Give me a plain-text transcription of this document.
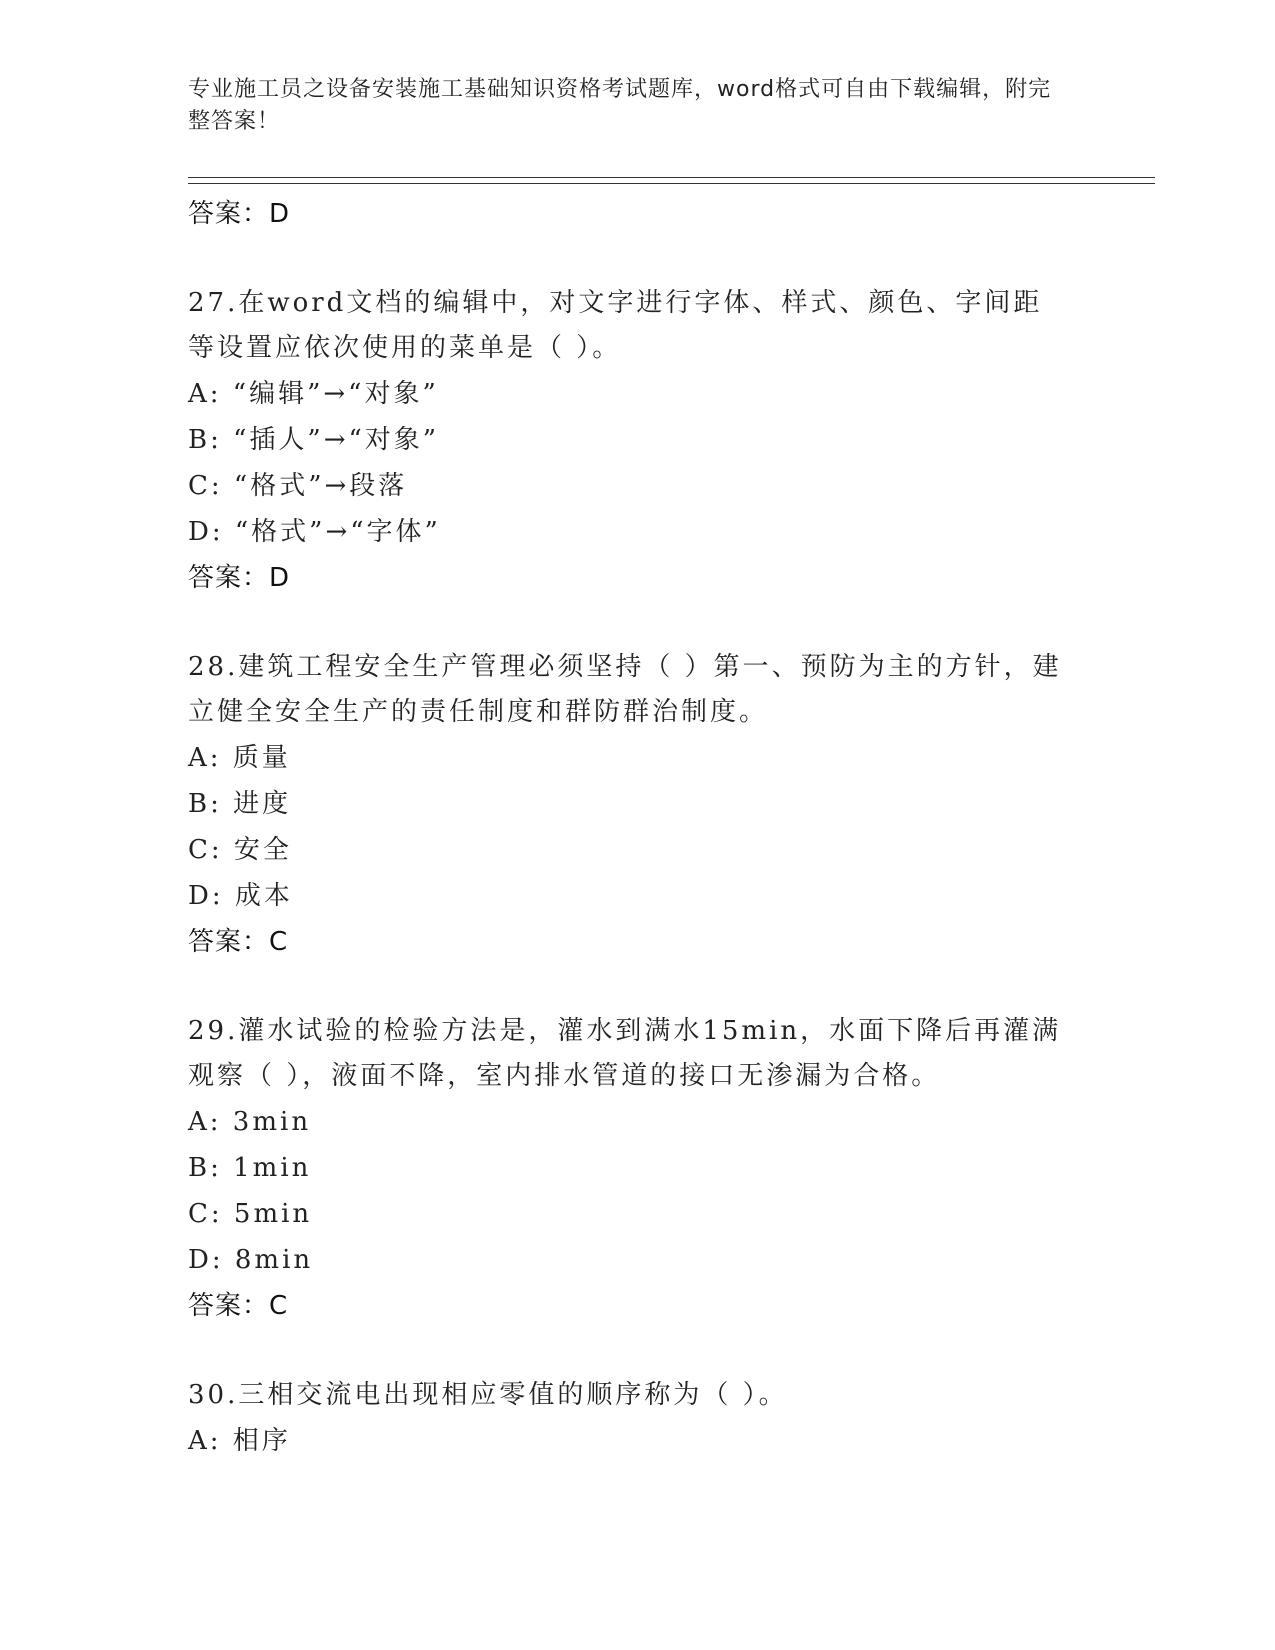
专业施工员之设备安装施工基础知识资格考试题库，word格式可自由下载编辑，附完整答案！
答案：D
27.在word文档的编辑中，对文字进行字体、样式、颜色、字间距等设置应依次使用的菜单是（ ）。
A: “编辑”→“对象”
B: “插人”→“对象”
C: “格式”→段落
D: “格式”→“字体”
答案：D
28.建筑工程安全生产管理必须坚持（ ）第一、预防为主的方针，建立健全安全生产的责任制度和群防群治制度。
A: 质量
B: 进度
C: 安全
D: 成本
答案：C
29.灌水试验的检验方法是，灌水到满水15min，水面下降后再灌满观察（ ），液面不降，室内排水管道的接口无渗漏为合格。
A: 3min
B: 1min
C: 5min
D: 8min
答案：C
30.三相交流电出现相应零值的顺序称为（ ）。
A: 相序
